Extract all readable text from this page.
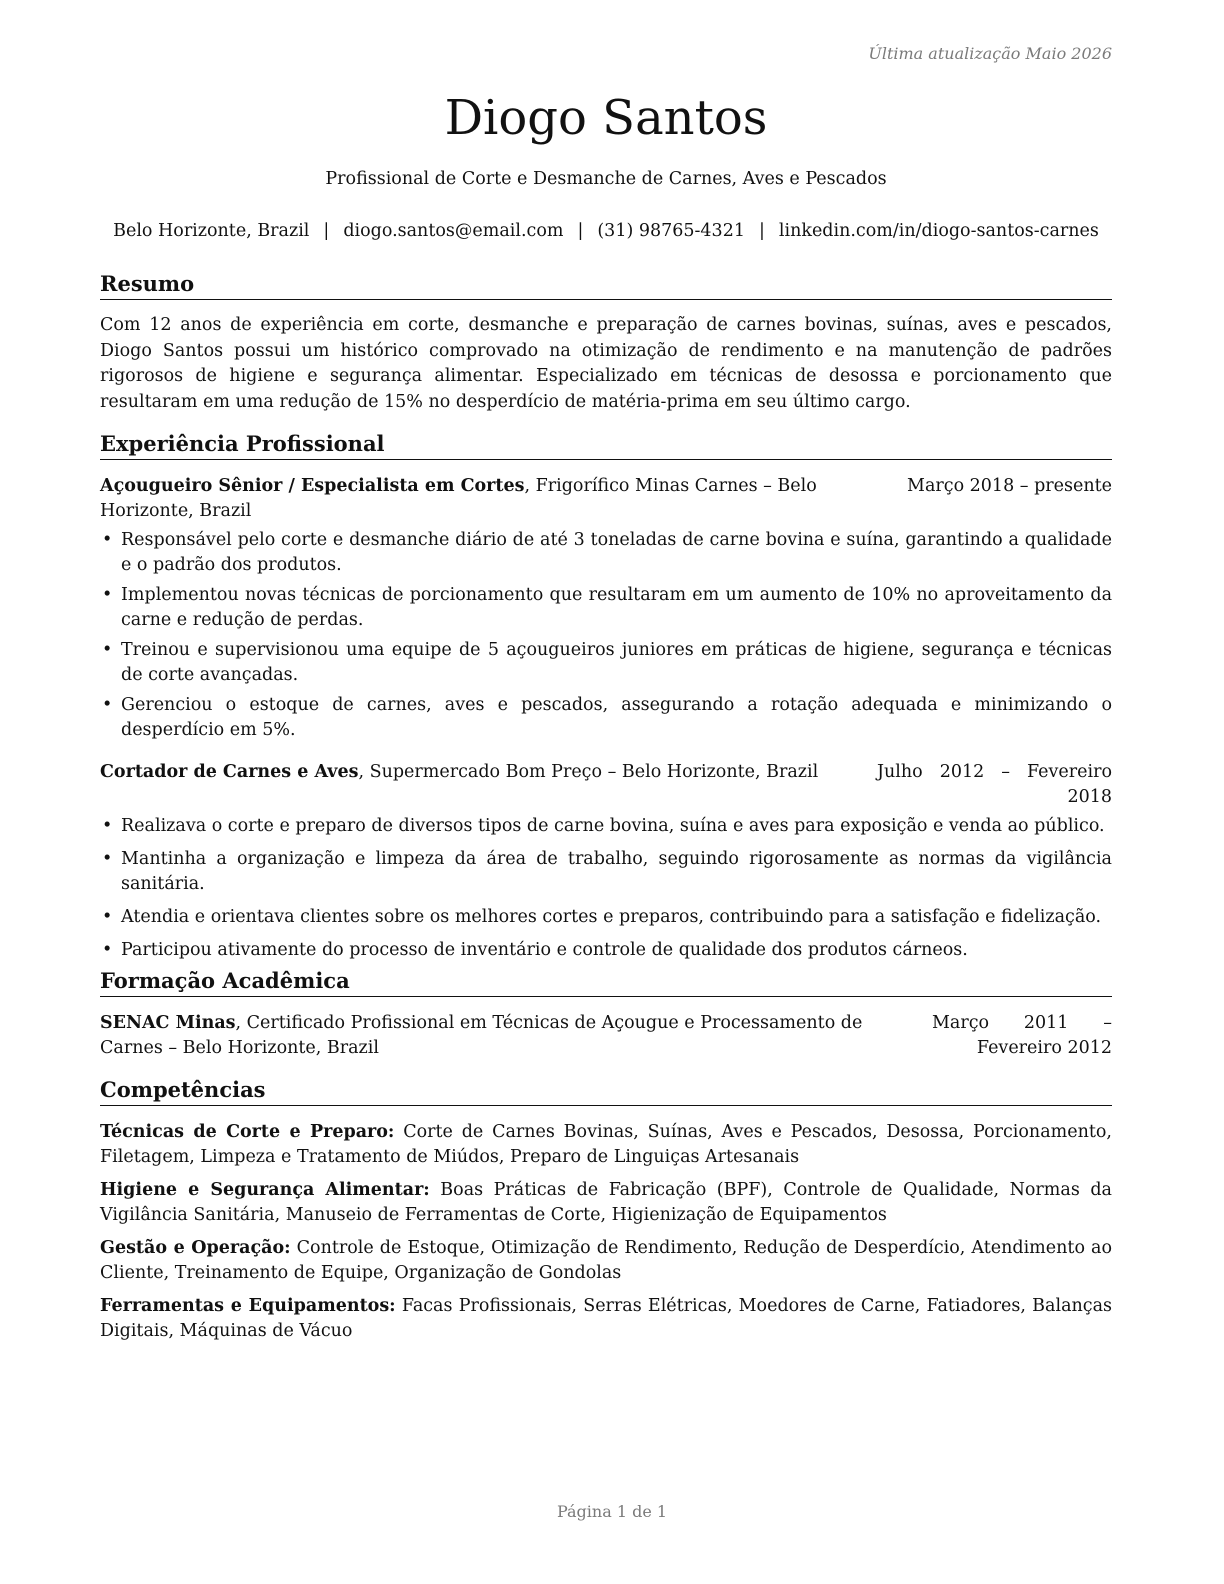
Última atualização Maio 2026
Diogo Santos
Profissional de Corte e Desmanche de Carnes, Aves e Pescados
Belo Horizonte, Brazil | diogo.santos@email.com | (31) 98765-4321 | linkedin.com/in/diogo-santos-carnes
Resumo

Com 12 anos de experiência em corte, desmanche e preparação de carnes bovinas, suínas, aves e pescados, Diogo Santos possui um histórico comprovado na otimização de rendimento e na manutenção de padrões rigorosos de higiene e segurança alimentar. Especializado em técnicas de desossa e porcionamento que resultaram em uma redução de 15% no desperdício de matéria-prima em seu último cargo.

Experiência Profissional
Açougueiro Sênior / Especialista em Cortes, Frigorífico Minas Carnes – Belo Horizonte, Brazil
Março 2018 – presente
• Responsável pelo corte e desmanche diário de até 3 toneladas de carne bovina e suína, garantindo a qualidade e o padrão dos produtos.
• Implementou novas técnicas de porcionamento que resultaram em um aumento de 10% no aproveitamento da carne e redução de perdas.
• Treinou e supervisionou uma equipe de 5 açougueiros juniores em práticas de higiene, segurança e técnicas de corte avançadas.
• Gerenciou o estoque de carnes, aves e pescados, assegurando a rotação adequada e minimizando o desperdício em 5%.
Cortador de Carnes e Aves, Supermercado Bom Preço – Belo Horizonte, Brazil	Julho 2012 – Fevereiro 2018
• Realizava o corte e preparo de diversos tipos de carne bovina, suína e aves para exposição e venda ao público.
• Mantinha a organização e limpeza da área de trabalho, seguindo rigorosamente as normas da vigilância sanitária.
• Atendia e orientava clientes sobre os melhores cortes e preparos, contribuindo para a satisfação e fidelização.
• Participou ativamente do processo de inventário e controle de qualidade dos produtos cárneos.
Formação Acadêmica
SENAC Minas, Certificado Profissional em Técnicas de Açougue e Processamento de Carnes – Belo Horizonte, Brazil
Março 2011 – Fevereiro 2012
Competências

Técnicas de Corte e Preparo: Corte de Carnes Bovinas, Suínas, Aves e Pescados, Desossa, Porcionamento, Filetagem, Limpeza e Tratamento de Miúdos, Preparo de Linguiças Artesanais

Higiene e Segurança Alimentar: Boas Práticas de Fabricação (BPF), Controle de Qualidade, Normas da Vigilância Sanitária, Manuseio de Ferramentas de Corte, Higienização de Equipamentos

Gestão e Operação: Controle de Estoque, Otimização de Rendimento, Redução de Desperdício, Atendimento ao Cliente, Treinamento de Equipe, Organização de Gondolas

Ferramentas e Equipamentos: Facas Profissionais, Serras Elétricas, Moedores de Carne, Fatiadores, Balanças Digitais, Máquinas de Vácuo

Página 1 de 1
